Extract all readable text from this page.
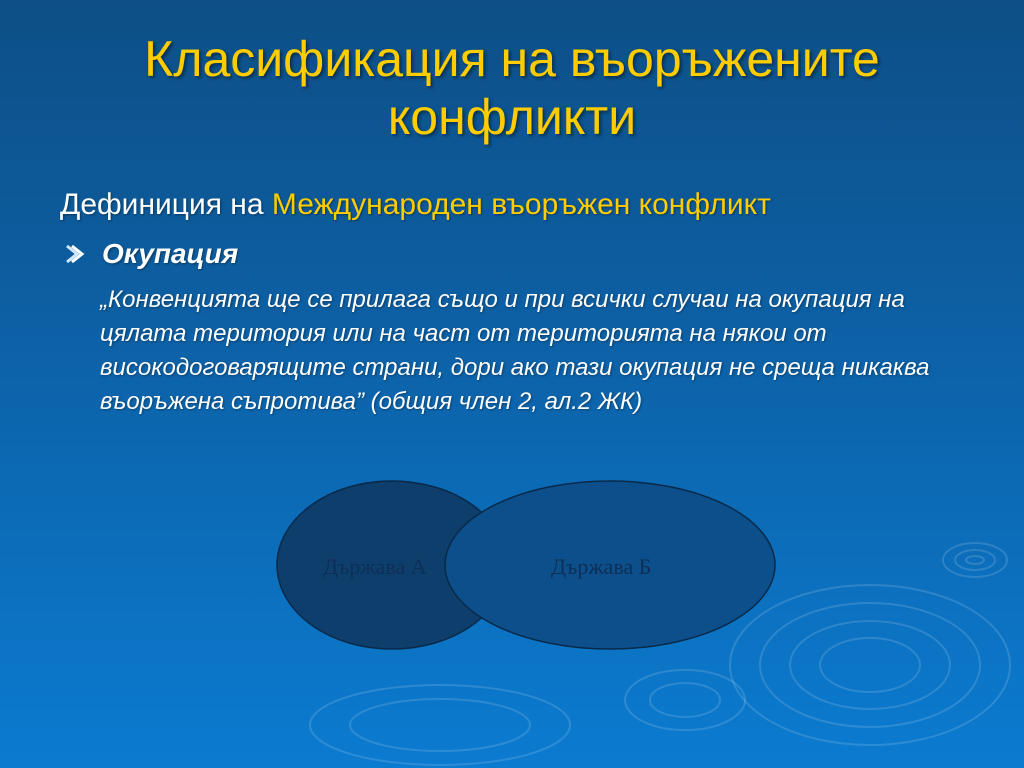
Класификация на въоръжените конфликти
Дефиниция на Международен въоръжен конфликт
Окупация
„Конвенцията ще се прилага също и при всички случаи на окупация на цялата територия или на част от територията на някои от високодоговарящите страни, дори ако тази окупация не среща никаква въоръжена съпротива” (общия член 2, ал.2 ЖК)
Държава А	Държава Б
